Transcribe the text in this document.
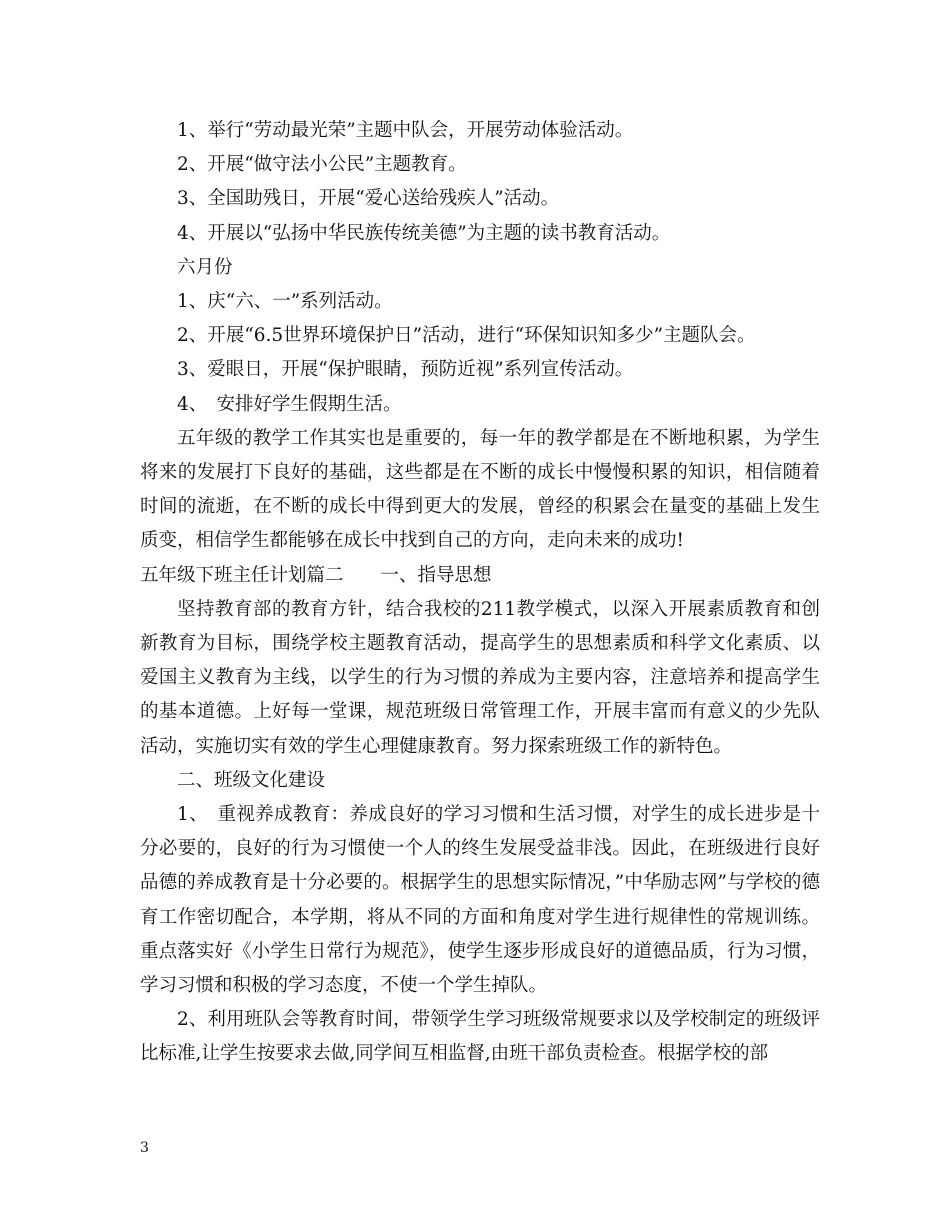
1、举行“劳动最光荣”主题中队会，开展劳动体验活动。

2、开展“做守法小公民”主题教育。

3、全国助残日，开展“爱心送给残疾人”活动。

4、开展以“弘扬中华民族传统美德”为主题的读书教育活动。

六月份

1、庆“六、一”系列活动。

2、开展“6.5世界环境保护日”活动，进行“环保知识知多少”主题队会。

3、爱眼日，开展“保护眼睛，预防近视”系列宣传活动。

4、　安排好学生假期生活。

五年级的教学工作其实也是重要的，每一年的教学都是在不断地积累，为学生将来的发展打下良好的基础，这些都是在不断的成长中慢慢积累的知识，相信随着时间的流逝，在不断的成长中得到更大的发展，曾经的积累会在量变的基础上发生质变，相信学生都能够在成长中找到自己的方向，走向未来的成功!

五年级下班主任计划篇二　　一、指导思想

坚持教育部的教育方针，结合我校的211教学模式，以深入开展素质教育和创新教育为目标，围绕学校主题教育活动，提高学生的思想素质和科学文化素质、以爱国主义教育为主线，以学生的行为习惯的养成为主要内容，注意培养和提高学生的基本道德。上好每一堂课，规范班级日常管理工作，开展丰富而有意义的少先队活动，实施切实有效的学生心理健康教育。努力探索班级工作的新特色。

二、班级文化建设

1、　重视养成教育：养成良好的学习习惯和生活习惯，对学生的成长进步是十分必要的，良好的行为习惯使一个人的终生发展受益非浅。因此，在班级进行良好品德的养成教育是十分必要的。根据学生的思想实际情况，”中华励志网”与学校的德育工作密切配合，本学期，将从不同的方面和角度对学生进行规律性的常规训练。重点落实好《小学生日常行为规范》，使学生逐步形成良好的道德品质，行为习惯，学习习惯和积极的学习态度，不使一个学生掉队。

2、利用班队会等教育时间，带领学生学习班级常规要求以及学校制定的班级评比标准,让学生按要求去做,同学间互相监督,由班干部负责检查。根据学校的部

3
